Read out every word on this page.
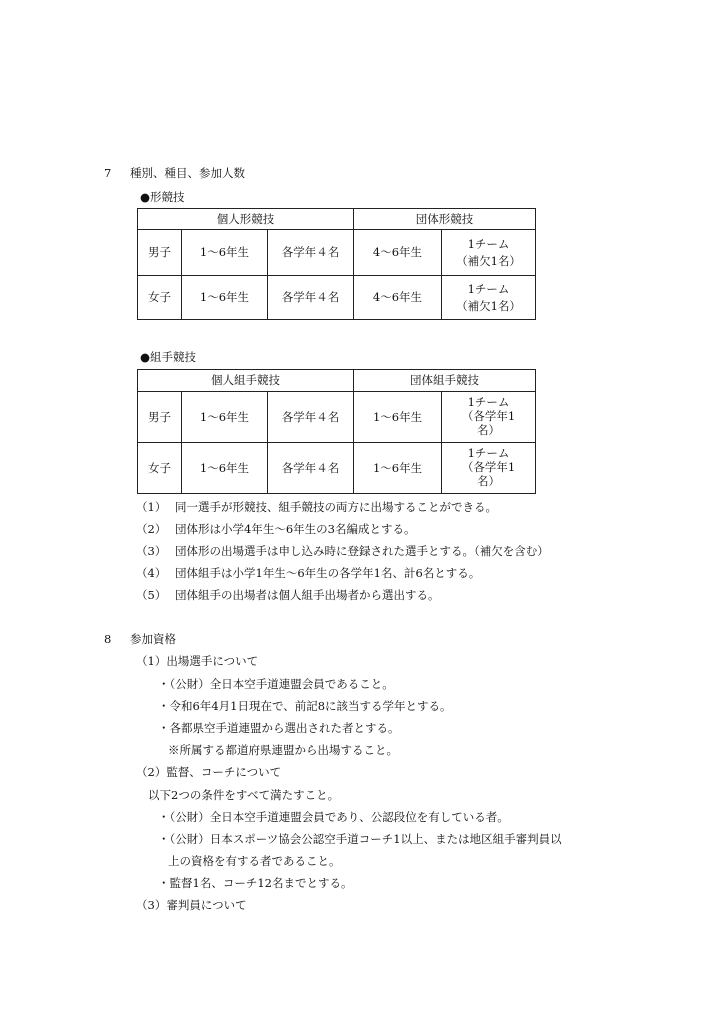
7 種別、種目、参加人数
●形競技
個人形競技			団体形競技	
男子	1～6年生	各学年４名	4～6年生	1チーム
（補欠1名）

女子	1～6年生	各学年４名	4～6年生	1チーム
（補欠1名）
●組手競技
個人組手競技			団体組手競技	
男子	1～6年生	各学年４名	1～6年生	1チーム
（各学年1
名）

女子	1～6年生	各学年４名	1～6年生	1チーム
（各学年1
名）
（1） 同一選手が形競技、組手競技の両方に出場することができる。
（2） 団体形は小学4年生～6年生の3名編成とする。
（3） 団体形の出場選手は申し込み時に登録された選手とする。（補欠を含む）
（4） 団体組手は小学1年生～6年生の各学年1名、計6名とする。
（5） 団体組手の出場者は個人組手出場者から選出する。
8 参加資格
（1）出場選手について
・（公財）全日本空手道連盟会員であること。
・令和6年4月1日現在で、前記8に該当する学年とする。
・各都県空手道連盟から選出された者とする。
※所属する都道府県連盟から出場すること。
（2）監督、コーチについて
以下2つの条件をすべて満たすこと。
・（公財）全日本空手道連盟会員であり、公認段位を有している者。
・（公財）日本スポーツ協会公認空手道コーチ1以上、または地区組手審判員以
上の資格を有する者であること。
・監督1名、コーチ12名までとする。
（3）審判員について
